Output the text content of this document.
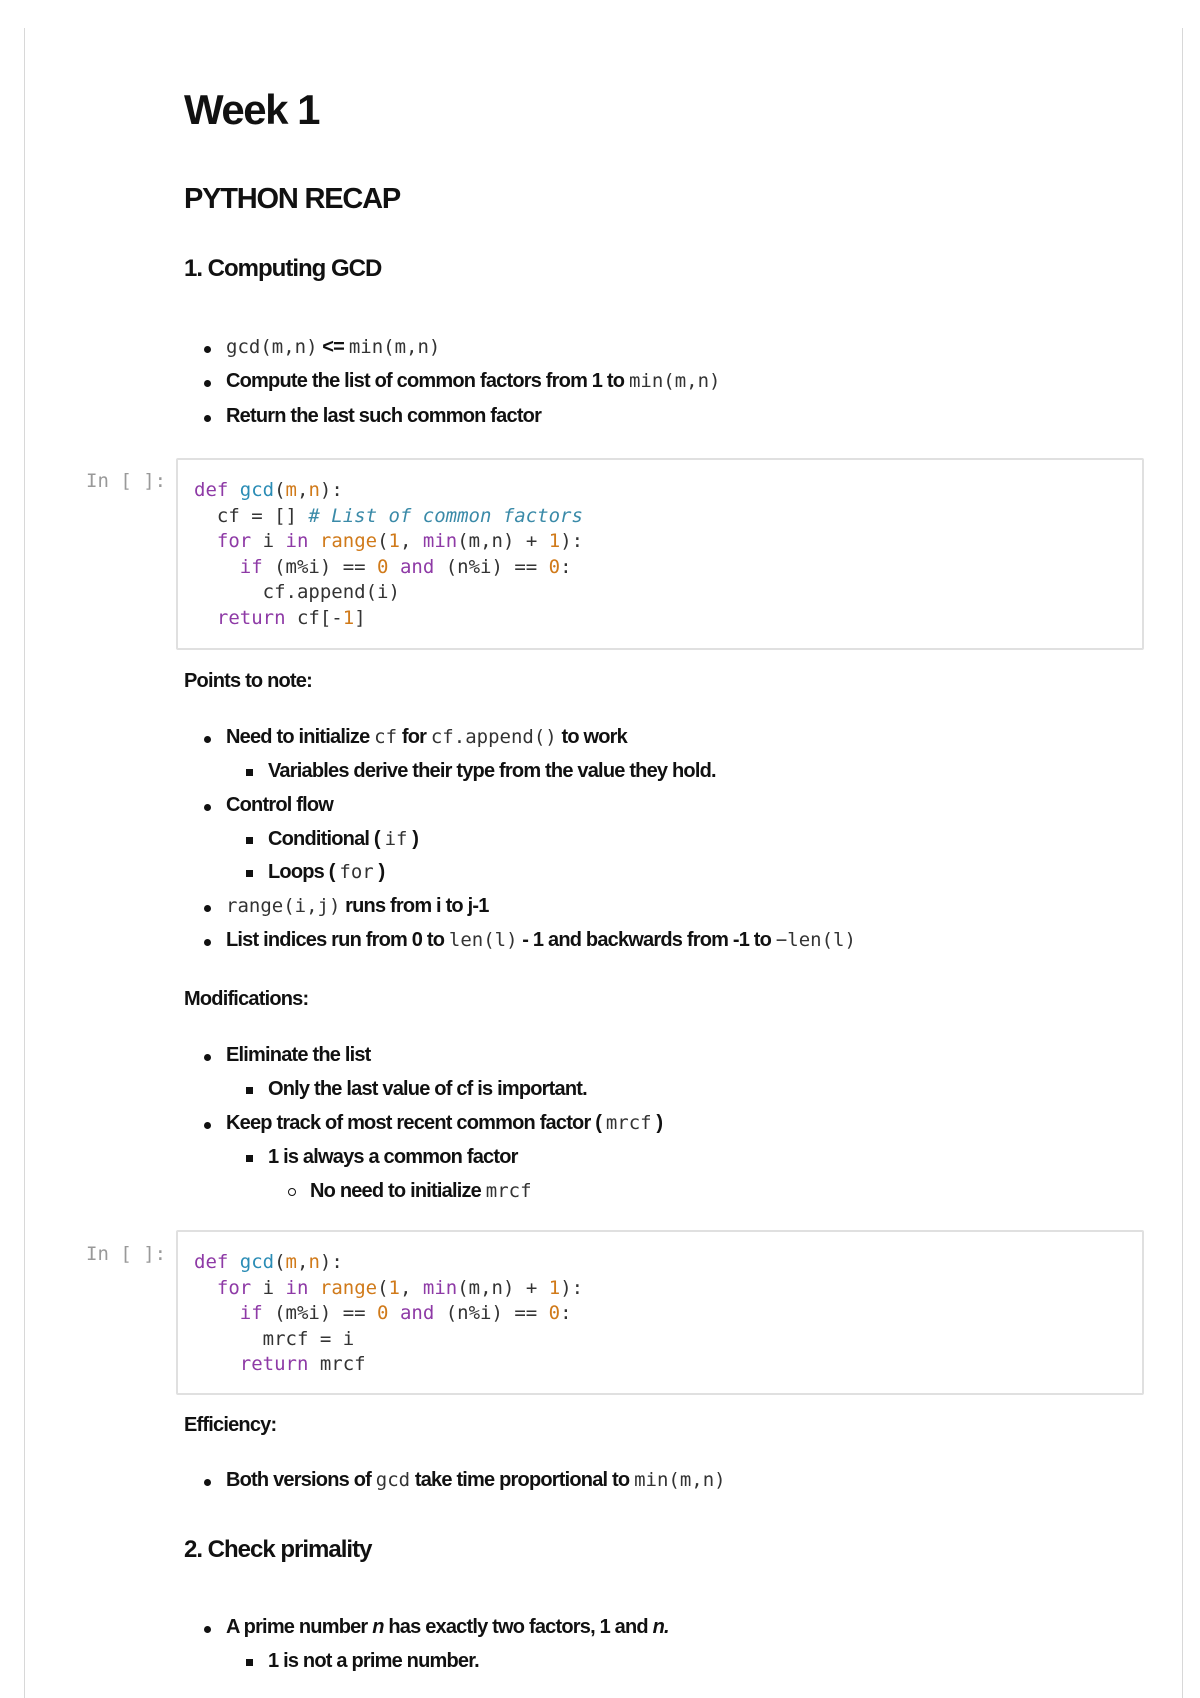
Week 1
PYTHON RECAP
1. Computing GCD
gcd(m,n) <= min(m,n)
Compute the list of common factors from 1 to min(m,n)
Return the last such common factor
In [ ]:	def gcd(m,n):
cf = [] # List of common factors
for i in range(1, min(m,n) + 1):
if (m%i) == 0 and (n%i) == 0:
cf.append(i)
return cf[-1]
Points to note:
Need to initialize cf for cf.append() to work
Variables derive their type from the value they hold.
Control flow
Conditional ( if )
Loops ( for )
range(i,j) runs from i to j-1
List indices run from 0 to len(l) - 1 and backwards from -1 to −len(l)
Modifications:
Eliminate the list
Only the last value of cf is important.
Keep track of most recent common factor ( mrcf )
1 is always a common factor
No need to initialize mrcf
In [ ]:	def gcd(m,n):
for i in range(1, min(m,n) + 1):
if (m%i) == 0 and (n%i) == 0:
mrcf = i
return mrcf
Efficiency:
Both versions of gcd take time proportional to min(m,n)
2. Check primality
A prime number n has exactly two factors, 1 and n.
1 is not a prime number.
